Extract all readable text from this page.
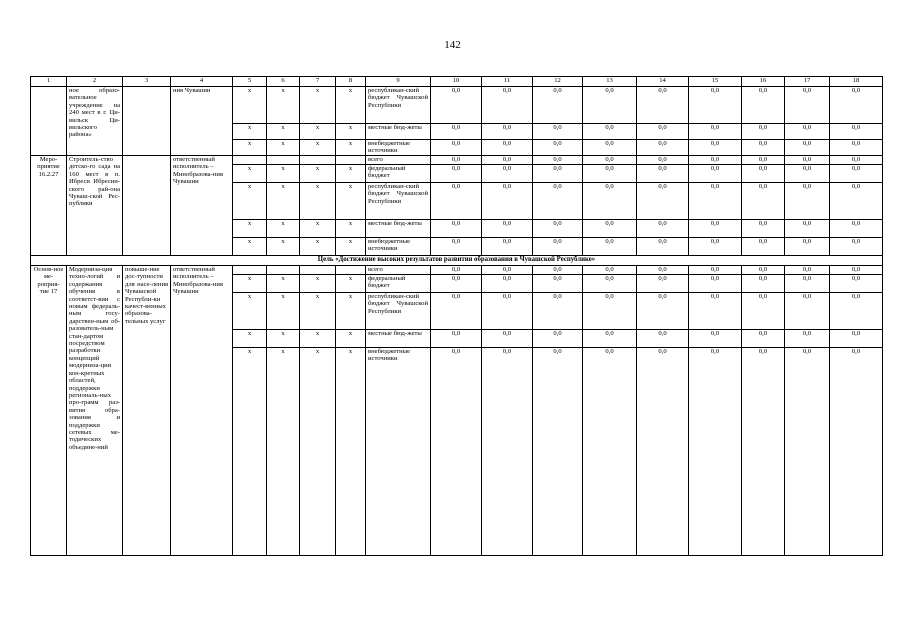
142
1	2	3	4	5	6	7	8	9	10	11	12	13	14	15	16	17	18
	ное образо-вательное учреждение на 240 мест в г. Ци-вильск Ци-вильского района»		ния Чувашии	x	x	x	x	республикан-ский бюджет Чувашской Республики	0,0	0,0	0,0	0,0	0,0	0,0	0,0	0,0	0,0
				x	x	x	x	местные бюд-жеты	0,0	0,0	0,0	0,0	0,0	0,0	0,0	0,0	0,0
				x	x	x	x	внебюджетные источники	0,0	0,0	0,0	0,0	0,0	0,0	0,0	0,0	0,0
Меро-приятие 16.2.27	Строитель-ство детско-го сада на 160 мест в п. Ибреси Ибресин-ского рай-она Чуваш-ской Рес-публики		ответственный исполнитель – Минобразова-ния Чувашии					всего	0,0	0,0	0,0	0,0	0,0	0,0	0,0	0,0	0,0
				x	x	x	x	федеральный бюджет	0,0	0,0	0,0	0,0	0,0	0,0	0,0	0,0	0,0
				x	x	x	x	республикан-ский бюджет Чувашской Республики	0,0	0,0	0,0	0,0	0,0	0,0	0,0	0,0	0,0
				x	x	x	x	местные бюд-жеты	0,0	0,0	0,0	0,0	0,0	0,0	0,0	0,0	0,0
				x	x	x	x	внебюджетные источники	0,0	0,0	0,0	0,0	0,0	0,0	0,0	0,0	0,0
Цель «Достижение высоких результатов развития образования в Чувашской Республике»																	
Основ-ное ме-роприя-тие 17	Модерниза-ция техно-логий и содержания обучения в соответст-вии с новым федераль-ным госу-дарствен-ным об-разователь-ным стан-дартом посредством разработки концепций модерниза-ции кон-кретных областей, поддержки региональ-ных про-грамм раз-вития обра-зования и поддержки сетевых ме-тодических объедине-ний	повыше-ние дос-тупности для насе-ления Чувашской Республи-ки качест-венных образова-тельных услуг	ответственный исполнитель – Минобразова-ния Чувашии					всего	0,0	0,0	0,0	0,0	0,0	0,0	0,0	0,0	0,0
				x	x	x	x	федеральный бюджет	0,0	0,0	0,0	0,0	0,0	0,0	0,0	0,0	0,0
				x	x	x	x	республикан-ский бюджет Чувашской Республики	0,0	0,0	0,0	0,0	0,0	0,0	0,0	0,0	0,0
				x	x	x	x	местные бюд-жеты	0,0	0,0	0,0	0,0	0,0	0,0	0,0	0,0	0,0
				x	x	x	x	внебюджетные источники	0,0	0,0	0,0	0,0	0,0	0,0	0,0	0,0	0,0
